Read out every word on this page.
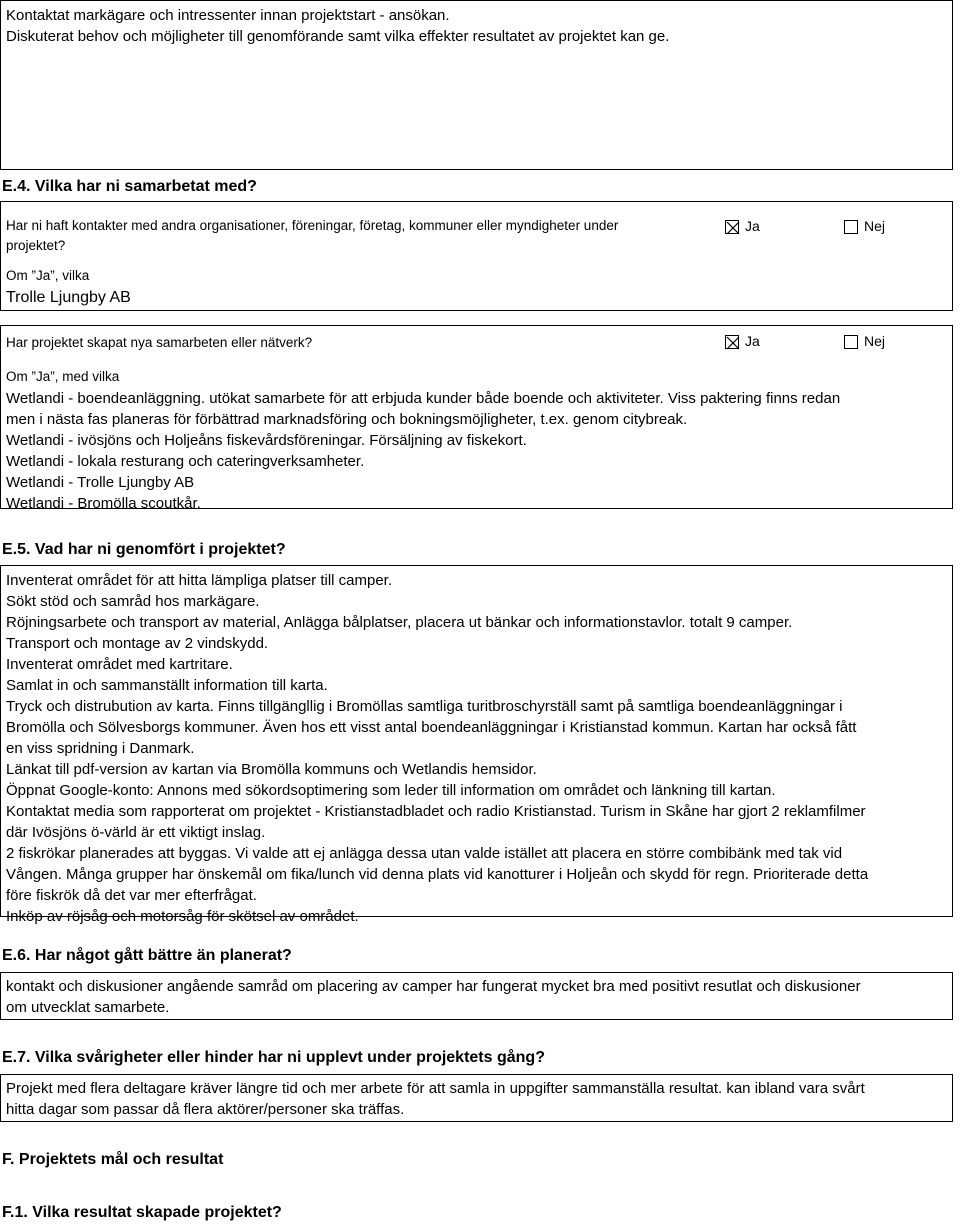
Kontaktat markägare och intressenter innan projektstart - ansökan.
Diskuterat behov och möjligheter till genomförande samt vilka effekter resultatet av projektet kan ge.
E.4. Vilka har ni samarbetat med?
Har ni haft kontakter med andra organisationer, föreningar, företag, kommuner eller myndigheter under
projektet?
Ja	Nej
Om ”Ja”, vilka
Trolle Ljungby AB
Har projektet skapat nya samarbeten eller nätverk?	Ja	Nej
Om ”Ja”, med vilka
Wetlandi - boendeanläggning. utökat samarbete för att erbjuda kunder både boende och aktiviteter. Viss paktering finns redan
men i nästa fas planeras för förbättrad marknadsföring och bokningsmöjligheter, t.ex. genom citybreak.
Wetlandi - ivösjöns och Holjeåns fiskevårdsföreningar. Försäljning av fiskekort.
Wetlandi - lokala resturang och cateringverksamheter.
Wetlandi - Trolle Ljungby AB
Wetlandi - Bromölla scoutkår.
E.5. Vad har ni genomfört i projektet?
Inventerat området för att hitta lämpliga platser till camper.
Sökt stöd och samråd hos markägare.
Röjningsarbete och transport av material, Anlägga bålplatser, placera ut bänkar och informationstavlor. totalt 9 camper.
Transport och montage av 2 vindskydd.
Inventerat området med kartritare.
Samlat in och sammanställt information till karta.
Tryck och distrubution av karta. Finns tillgängllig i Bromöllas samtliga turitbroschyrställ samt på samtliga boendeanläggningar i
Bromölla och Sölvesborgs kommuner. Även hos ett visst antal boendeanläggningar i Kristianstad kommun. Kartan har också fått
en viss spridning i Danmark.
Länkat till pdf-version av kartan via Bromölla kommuns och Wetlandis hemsidor.
Öppnat Google-konto: Annons med sökordsoptimering som leder till information om området och länkning till kartan.
Kontaktat media som rapporterat om projektet - Kristianstadbladet och radio Kristianstad. Turism in Skåne har gjort 2 reklamfilmer
där Ivösjöns ö-värld är ett viktigt inslag.
2 fiskrökar planerades att byggas. Vi valde att ej anlägga dessa utan valde istället att placera en större combibänk med tak vid
Vången. Många grupper har önskemål om fika/lunch vid denna plats vid kanotturer i Holjeån och skydd för regn. Prioriterade detta
före fiskrök då det var mer efterfrågat.
Inköp av röjsåg och motorsåg för skötsel av området.
E.6. Har något gått bättre än planerat?
kontakt och diskusioner angående samråd om placering av camper har fungerat mycket bra med positivt resutlat och diskusioner
om utvecklat samarbete.
E.7. Vilka svårigheter eller hinder har ni upplevt under projektets gång?
Projekt med flera deltagare kräver längre tid och mer arbete för att samla in uppgifter sammanställa resultat. kan ibland vara svårt
hitta dagar som passar då flera aktörer/personer ska träffas.
F. Projektets mål och resultat
F.1. Vilka resultat skapade projektet?
